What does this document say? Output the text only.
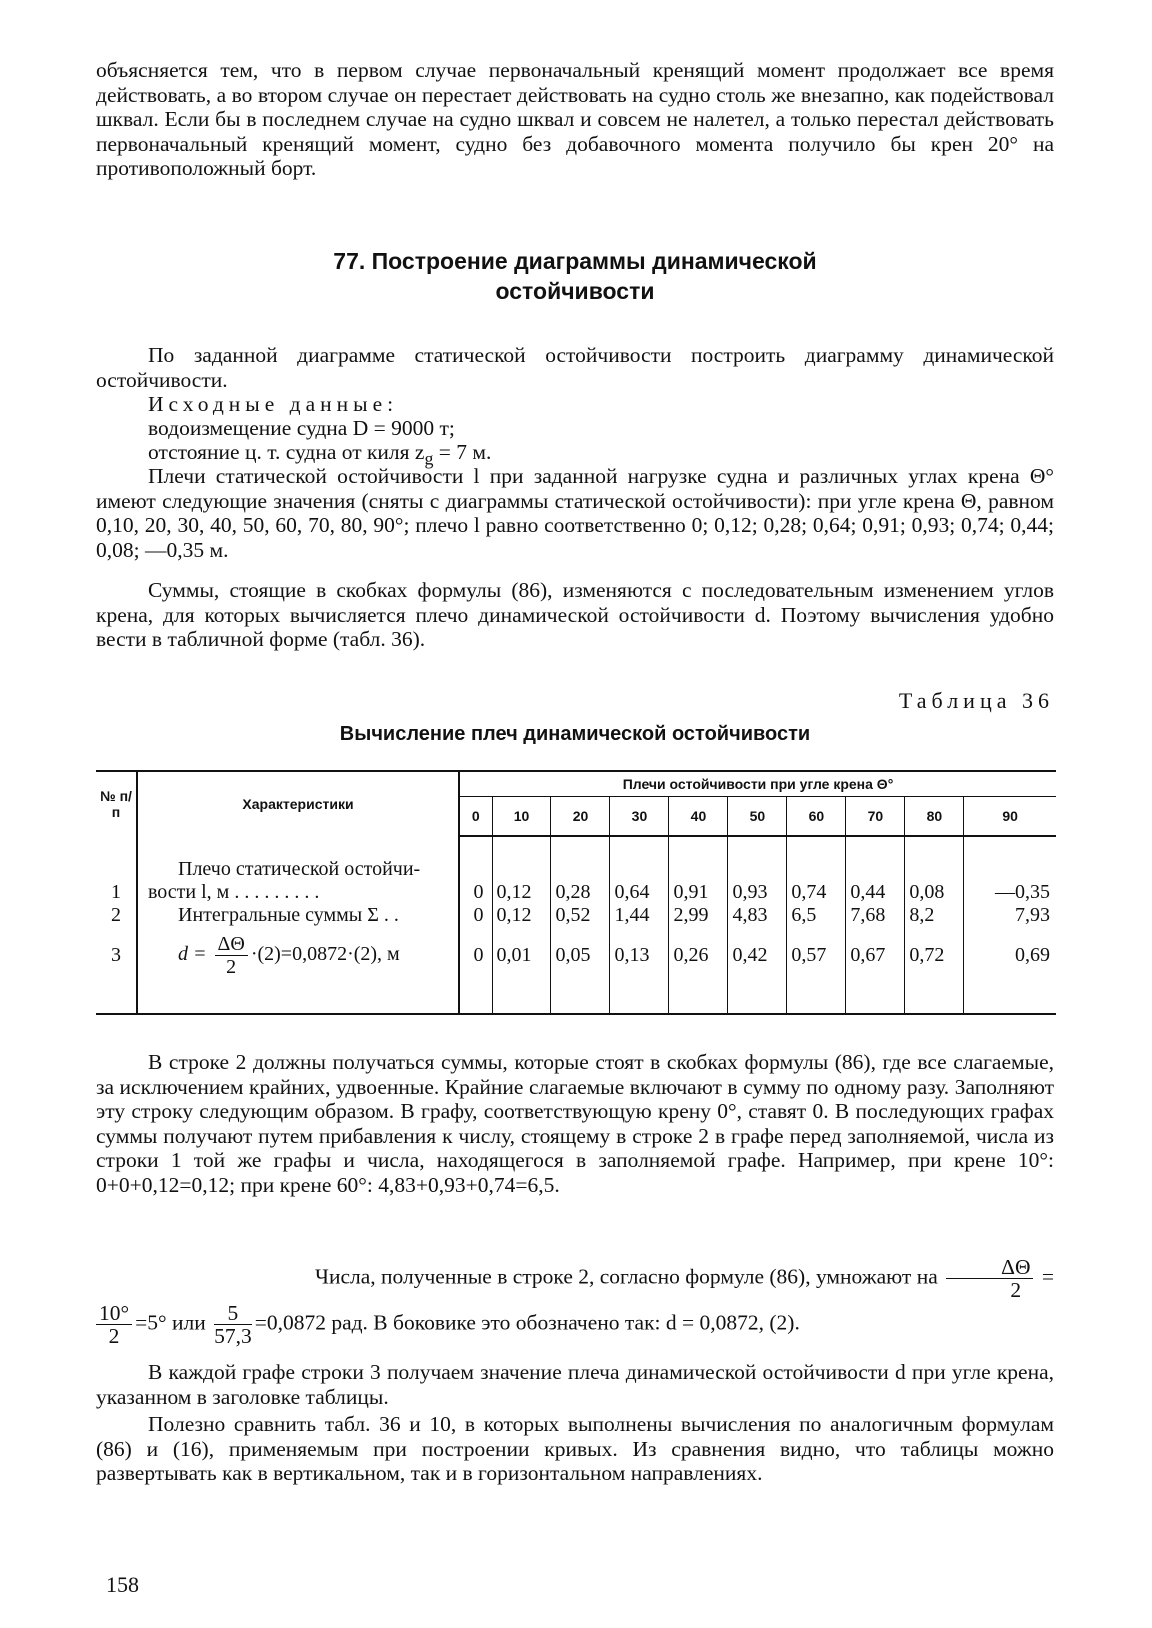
объясняется тем, что в первом случае первоначальный кренящий момент продолжает все время действовать, а во втором случае он перестает действовать на судно столь же внезапно, как подействовал шквал. Если бы в последнем случае на судно шквал и совсем не налетел, а только перестал действовать первоначальный кренящий момент, судно без добавочного момента получило бы крен 20° на противоположный борт.

77. Построение диаграммы динамической
остойчивости

По заданной диаграмме статической остойчивости построить диаграмму динамической остойчивости.

Исходные данные:
водоизмещение судна D = 9000 т;
отстояние ц. т. судна от киля $z_g = 7$ м.

Плечи статической остойчивости l при заданной нагрузке судна и различных углах крена Θ° имеют следующие значения (сняты с диаграммы статической остойчивости): при угле крена Θ, равном 0,10, 20, 30, 40, 50, 60, 70, 80, 90°; плечо l равно соответственно 0; 0,12; 0,28; 0,64; 0,91; 0,93; 0,74; 0,44; 0,08; —0,35 м.

Суммы, стоящие в скобках формулы (86), изменяются с последовательным изменением углов крена, для которых вычисляется плечо динамической остойчивости d. Поэтому вычисления удобно вести в табличной форме (табл. 36).

Таблица 36
Вычисление плеч динамической остойчивости
№ п/п	Характеристики	Плечи остойчивости при угле крена Θ°									
		0	10	20	30	40	50	60	70	80	90
1	Плечо статической остойчи-
вости l, м . . . . . . . . .	0	0,12	0,28	0,64	0,91	0,93	0,74	0,44	0,08	—0,35
2	Интегральные суммы Σ . .	0	0,12	0,52	1,44	2,99	4,83	6,5	7,68	8,2	7,93
3	$d = \frac{\Delta\Theta}{2} \cdot(2)=0,0872\cdot(2)$, м	0	0,01	0,05	0,13	0,26	0,42	0,57	0,67	0,72	0,69

В строке 2 должны получаться суммы, которые стоят в скобках формулы (86), где все слагаемые, за исключением крайних, удвоенные. Крайние слагаемые включают в сумму по одному разу. Заполняют эту строку следующим образом. В графу, соответствующую крену 0°, ставят 0. В последующих графах суммы получают путем прибавления к числу, стоящему в строке 2 в графе перед заполняемой, числа из строки 1 той же графы и числа, находящегося в заполняемой графе. Например, при крене 10°: 0+0+0,12=0,12; при крене 60°: 4,83+0,93+0,74=6,5.

Числа, полученные в строке 2, согласно формуле (86), умножают на $\frac{\Delta\Theta}{2}$ =
$\frac{10^\circ}{2} =5^\circ$ или $\frac{5}{57,3} =0,0872$ рад. В боковике это обозначено так: d = 0,0872, (2).

В каждой графе строки 3 получаем значение плеча динамической остойчивости d при угле крена, указанном в заголовке таблицы.

Полезно сравнить табл. 36 и 10, в которых выполнены вычисления по аналогичным формулам (86) и (16), применяемым при построении кривых. Из сравнения видно, что таблицы можно развертывать как в вертикальном, так и в горизонтальном направлениях.

158
